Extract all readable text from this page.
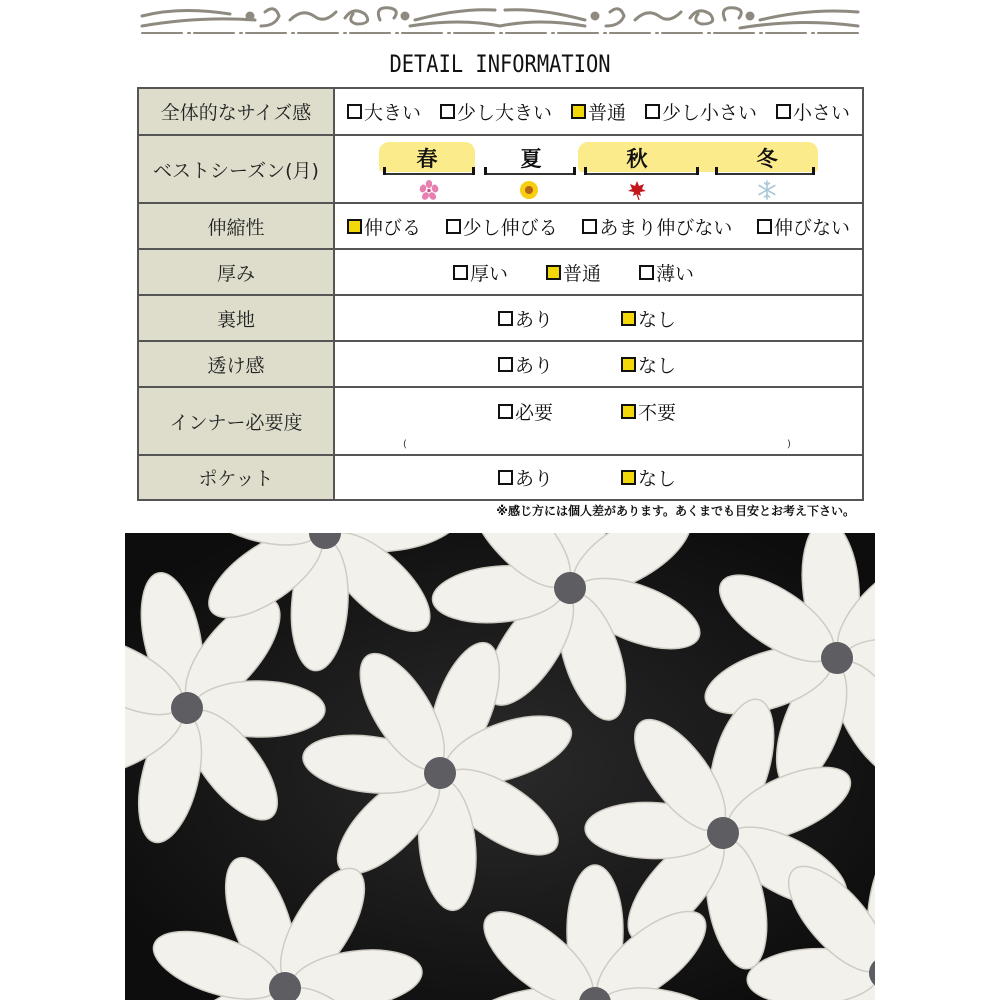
DETAIL INFORMATION
全体的なサイズ感	大きい 少し大きい 普通 少し小さい 小さい

ベストシーズン(月)	春 夏 秋 冬

伸縮性	伸びる 少し伸びる あまり伸びない 伸びない

厚み	厚い 普通 薄い

裏地	あり なし

透け感	あり なし

インナー必要度	必要 不要
( )

ポケット	あり なし
※感じ方には個人差があります。あくまでも目安とお考え下さい。
